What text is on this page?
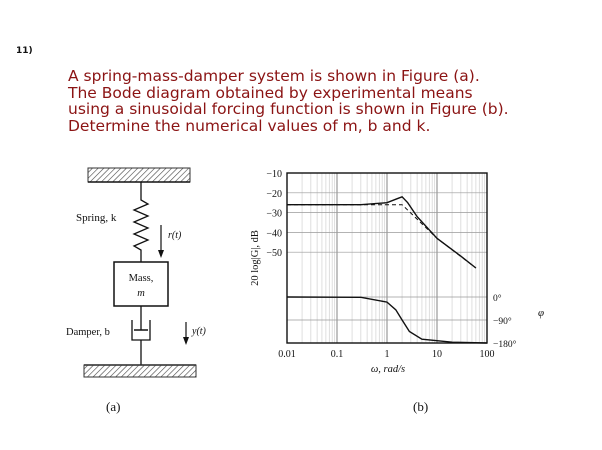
11)
A spring-mass-damper system is shown in Figure (a).
The Bode diagram obtained by experimental means
using a sinusoidal forcing function is shown in Figure (b).
Determine the numerical values of m, b and k.
Spring, k
r(t)
Mass,
m
Damper, b	y(t)
(a)	(b)
−10
−20
−30
−40
−50
0.01	0.1	1	10	100
0°
−90°
−180°
20 log|G|, dB
ω, rad/s
φ
